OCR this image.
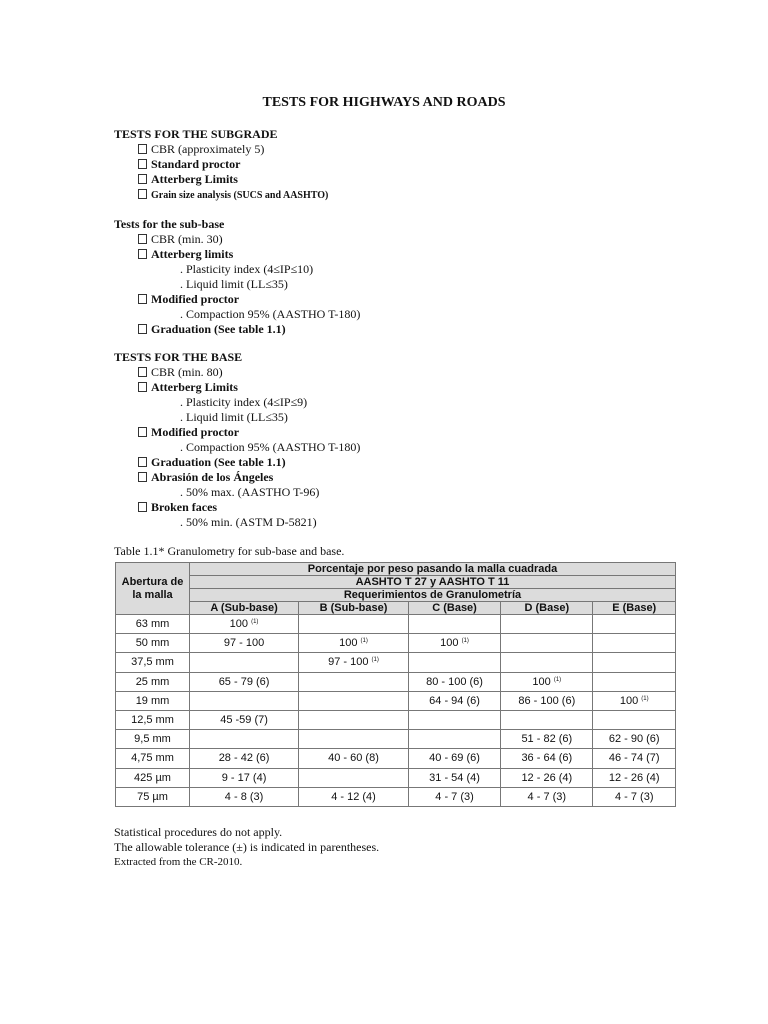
TESTS FOR HIGHWAYS AND ROADS
TESTS FOR THE SUBGRADE
CBR (approximately 5)
Standard proctor
Atterberg Limits
Grain size analysis (SUCS and AASHTO)
Tests for the sub-base
CBR (min. 30)
Atterberg limits
. Plasticity index (4≤IP≤10)
. Liquid limit (LL≤35)
Modified proctor
. Compaction 95% (AASTHO T-180)
Graduation (See table 1.1)
TESTS FOR THE BASE
CBR (min. 80)
Atterberg Limits
. Plasticity index (4≤IP≤9)
. Liquid limit (LL≤35)
Modified proctor
. Compaction 95% (AASTHO T-180)
Graduation (See table 1.1)
Abrasión de los Ángeles
. 50% max. (AASTHO T-96)
Broken faces
. 50% min. (ASTM D-5821)
Table 1.1* Granulometry for sub-base and base.
Abertura de la malla	Porcentaje por peso pasando la malla cuadrada				
	AASHTO T 27 y AASHTO T 11				
	Requerimientos de Granulometría				
	A (Sub-base)	B (Sub-base)	C (Base)	D (Base)	E (Base)
63 mm	100 $^{(1)}$				
50 mm	97 - 100	100 $^{(1)}$	100 $^{(1)}$		
37,5 mm		97 - 100 $^{(1)}$			
25 mm	65 - 79 (6)		80 - 100 (6)	100 $^{(1)}$	
19 mm			64 - 94 (6)	86 - 100 (6)	100 $^{(1)}$
12,5 mm	45 -59 (7)				
9,5 mm				51 - 82 (6)	62 - 90 (6)
4,75 mm	28 - 42 (6)	40 - 60 (8)	40 - 69 (6)	36 - 64 (6)	46 - 74 (7)
425 µm	9 - 17 (4)		31 - 54 (4)	12 - 26 (4)	12 - 26 (4)
75 µm	4 - 8 (3)	4 - 12 (4)	4 - 7 (3)	4 - 7 (3)	4 - 7 (3)
Statistical procedures do not apply.
The allowable tolerance (±) is indicated in parentheses.
Extracted from the CR-2010.
